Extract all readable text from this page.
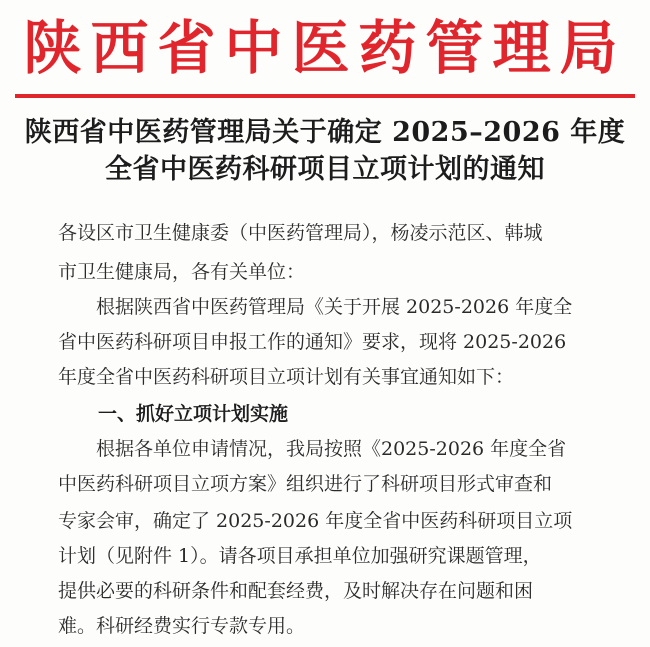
陕西省中医药管理局
陕西省中医药管理局关于确定 2025–2026 年度
全省中医药科研项目立项计划的通知
各设区市卫生健康委（中医药管理局），杨凌示范区、韩城
市卫生健康局，各有关单位：
　　根据陕西省中医药管理局《关于开展 2025-2026 年度全
省中医药科研项目申报工作的通知》要求，现将 2025-2026
年度全省中医药科研项目立项计划有关事宜通知如下：
一、抓好立项计划实施
　　根据各单位申请情况，我局按照《2025-2026 年度全省
中医药科研项目立项方案》组织进行了科研项目形式审查和
专家会审，确定了 2025-2026 年度全省中医药科研项目立项
计划（见附件 1）。请各项目承担单位加强研究课题管理，
提供必要的科研条件和配套经费，及时解决存在问题和困
难。科研经费实行专款专用。
